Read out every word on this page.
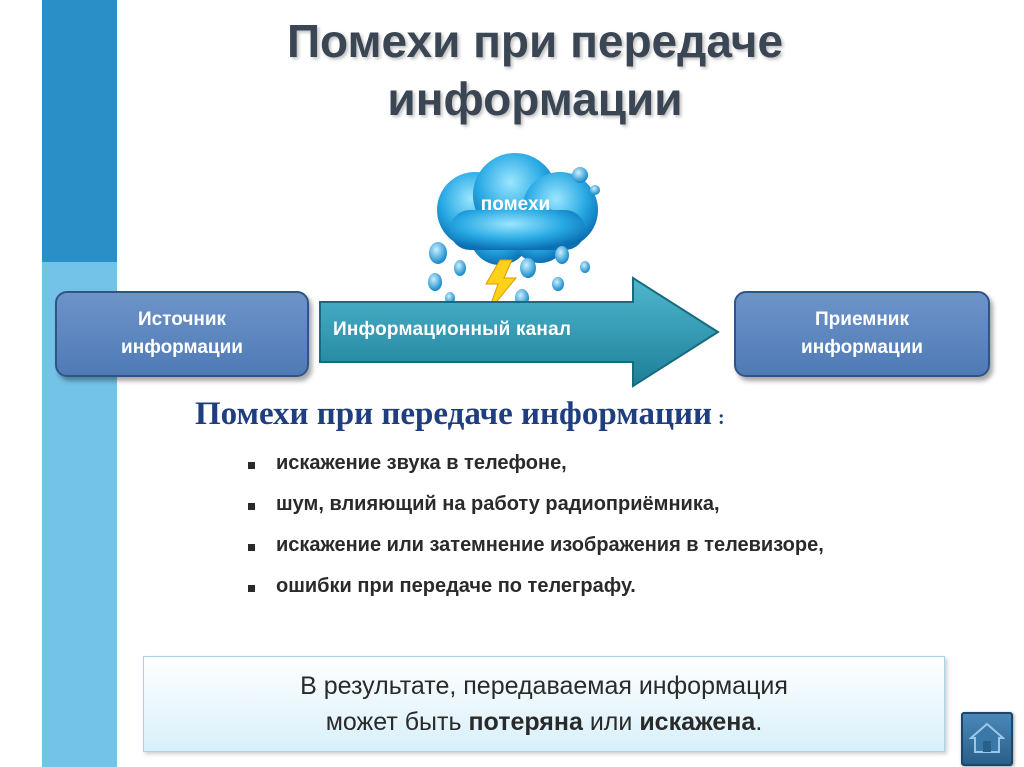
Помехи при передаче
информации
помехи
Источник
информации
Информационный канал	Приемник
информации
Помехи при передаче информации :
искажение звука в телефоне,
шум, влияющий на работу радиоприёмника,
искажение или затемнение изображения в телевизоре,
ошибки при передаче по телеграфу.
В результате, передаваемая информация
может быть потеряна или искажена.
